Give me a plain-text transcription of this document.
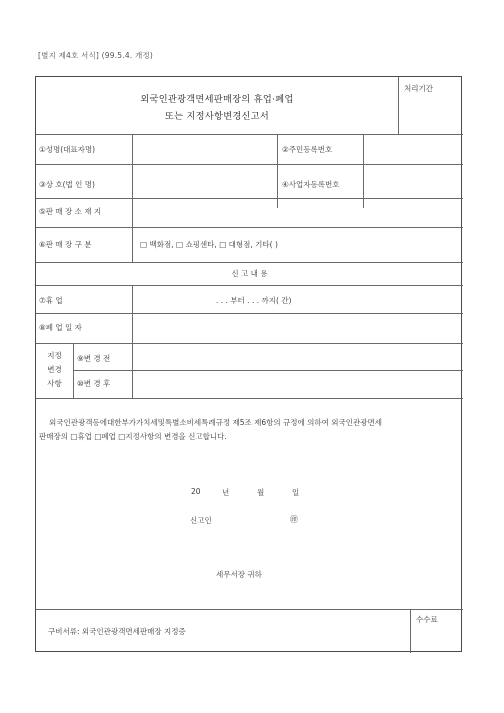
[별지 제4호 서식] (99.5.4. 개정)
외국인관광객면세판매장의 휴업·폐업
또는 지정사항변경신고서
처리기간
①성명(대표자명)	②주민등록번호
③상 호(법 인 명)	④사업자등록번호
⑤판 매 장 소 재 지
⑥판 매 장 구 분	□ 백화점, □ 쇼핑센타, □ 대형점, 기타( )
신 고 내 용
⑦휴 업	. . . 부터 . . . 까지( 간)
⑧폐 업 일 자
지정
변경
사항
⑨변 경 전
⑩변 경 후
외국인관광객등에대한부가가치세및특별소비세특례규정 제5조 제6항의 규정에 의하여 외국인관광면세
판매장의 □휴업 □폐업 □지정사항의 변경을 신고합니다.
20	년	월	일
신고인	㊞
세무서장 귀하
수수료
구비서류: 외국인관광객면세판매장 지정증
